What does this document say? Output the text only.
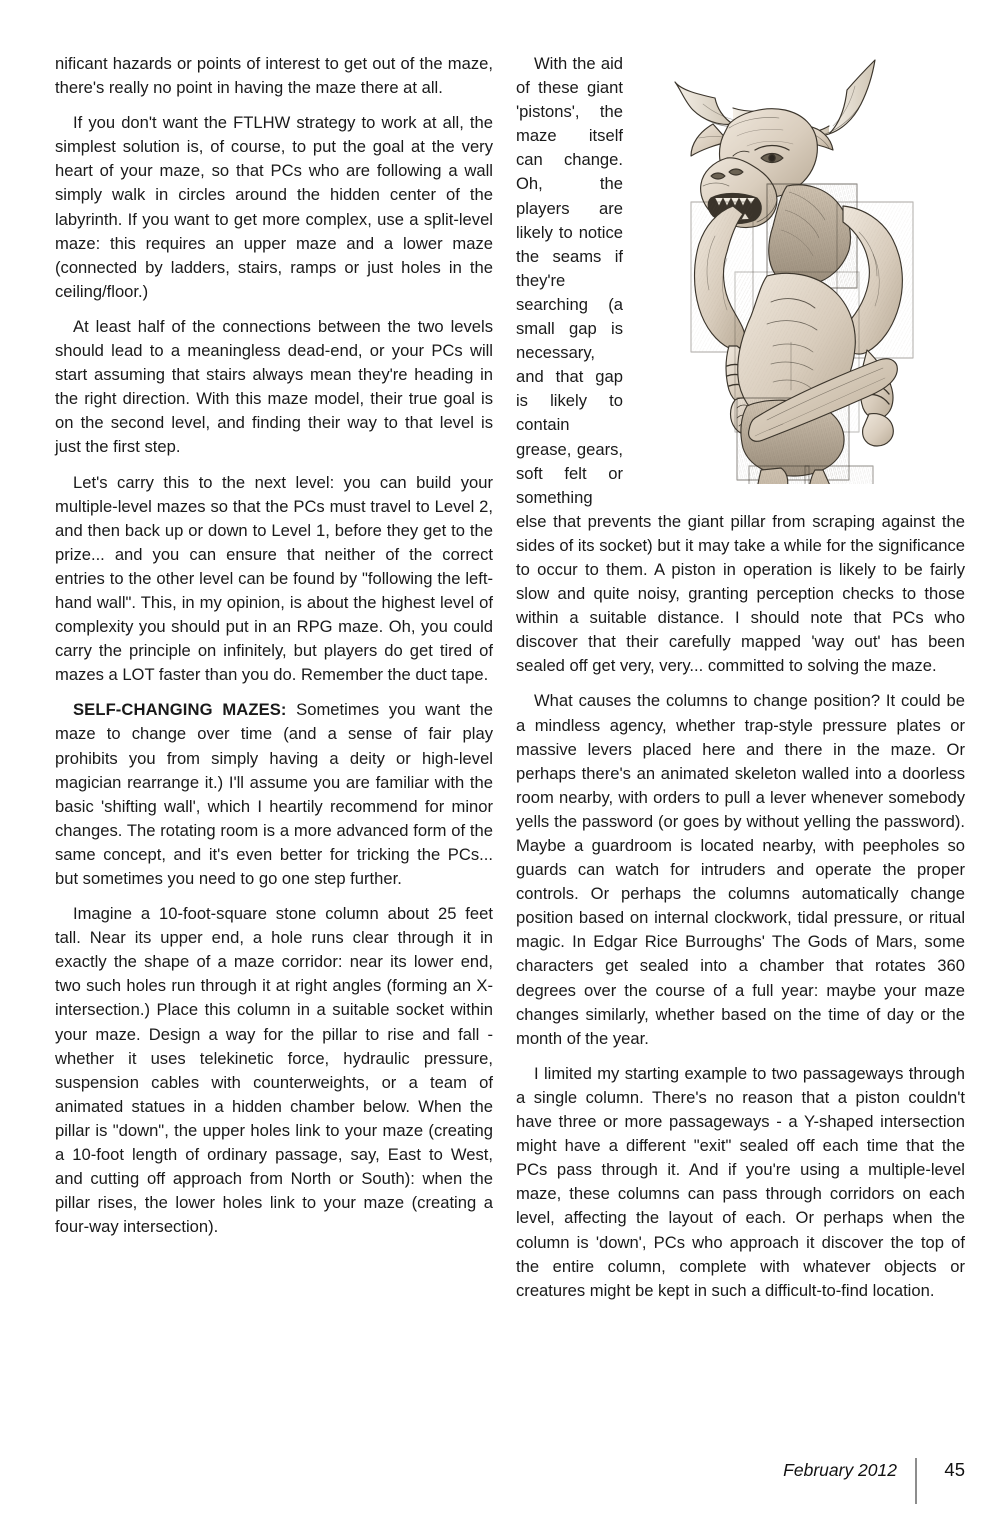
nificant hazards or points of interest to get out of the maze, there's really no point in having the maze there at all.

If you don't want the FTLHW strategy to work at all, the simplest solution is, of course, to put the goal at the very heart of your maze, so that PCs who are following a wall simply walk in circles around the hidden center of the labyrinth. If you want to get more complex, use a split-level maze: this requires an upper maze and a lower maze (connected by ladders, stairs, ramps or just holes in the ceiling/floor.)

At least half of the connections between the two levels should lead to a meaningless dead-end, or your PCs will start assuming that stairs always mean they're heading in the right direction. With this maze model, their true goal is on the second level, and finding their way to that level is just the first step.

Let's carry this to the next level: you can build your multiple-level mazes so that the PCs must travel to Level 2, and then back up or down to Level 1, before they get to the prize... and you can ensure that neither of the correct entries to the other level can be found by "following the left-hand wall". This, in my opinion, is about the highest level of complexity you should put in an RPG maze. Oh, you could carry the principle on infinitely, but players do get tired of mazes a LOT faster than you do. Remember the duct tape.

SELF-CHANGING MAZES: Sometimes you want the maze to change over time (and a sense of fair play prohibits you from simply having a deity or high-level magician rearrange it.) I'll assume you are familiar with the basic 'shifting wall', which I heartily recommend for minor changes. The rotating room is a more advanced form of the same concept, and it's even better for tricking the PCs... but sometimes you need to go one step further.

Imagine a 10-foot-square stone column about 25 feet tall. Near its upper end, a hole runs clear through it in exactly the shape of a maze corridor: near its lower end, two such holes run through it at right angles (forming an X-intersection.) Place this column in a suitable socket within your maze. Design a way for the pillar to rise and fall - whether it uses telekinetic force, hydraulic pressure, suspension cables with counterweights, or a team of animated statues in a hidden chamber below. When the pillar is "down", the upper holes link to your maze (creating a 10-foot length of ordinary passage, say, East to West, and cutting off approach from North or South): when the pillar rises, the lower holes link to your maze (creating a four-way intersection).

With the aid of these giant 'pistons', the maze itself can change. Oh, the players are likely to notice the seams if they're searching (a small gap is necessary, and that gap is likely to contain grease, gears, soft felt or something else that prevents the giant pillar from scraping against the sides of its socket) but it may take a while for the significance to occur to them. A piston in operation is likely to be fairly slow and quite noisy, granting perception checks to those within a suitable distance. I should note that PCs who discover that their carefully mapped 'way out' has been sealed off get very, very... committed to solving the maze.

What causes the columns to change position? It could be a mindless agency, whether trap-style pressure plates or massive levers placed here and there in the maze. Or perhaps there's an animated skeleton walled into a doorless room nearby, with orders to pull a lever whenever somebody yells the password (or goes by without yelling the password). Maybe a guardroom is located nearby, with peepholes so guards can watch for intruders and operate the proper controls. Or perhaps the columns automatically change position based on internal clockwork, tidal pressure, or ritual magic. In Edgar Rice Burroughs' The Gods of Mars, some characters get sealed into a chamber that rotates 360 degrees over the course of a full year: maybe your maze changes similarly, whether based on the time of day or the month of the year.

I limited my starting example to two passageways through a single column. There's no reason that a piston couldn't have three or more passageways - a Y-shaped intersection might have a different "exit" sealed off each time that the PCs pass through it. And if you're using a multiple-level maze, these columns can pass through corridors on each level, affecting the layout of each. Or perhaps when the column is 'down', PCs who approach it discover the top of the entire column, complete with whatever objects or creatures might be kept in such a difficult-to-find location.

February 2012	45
